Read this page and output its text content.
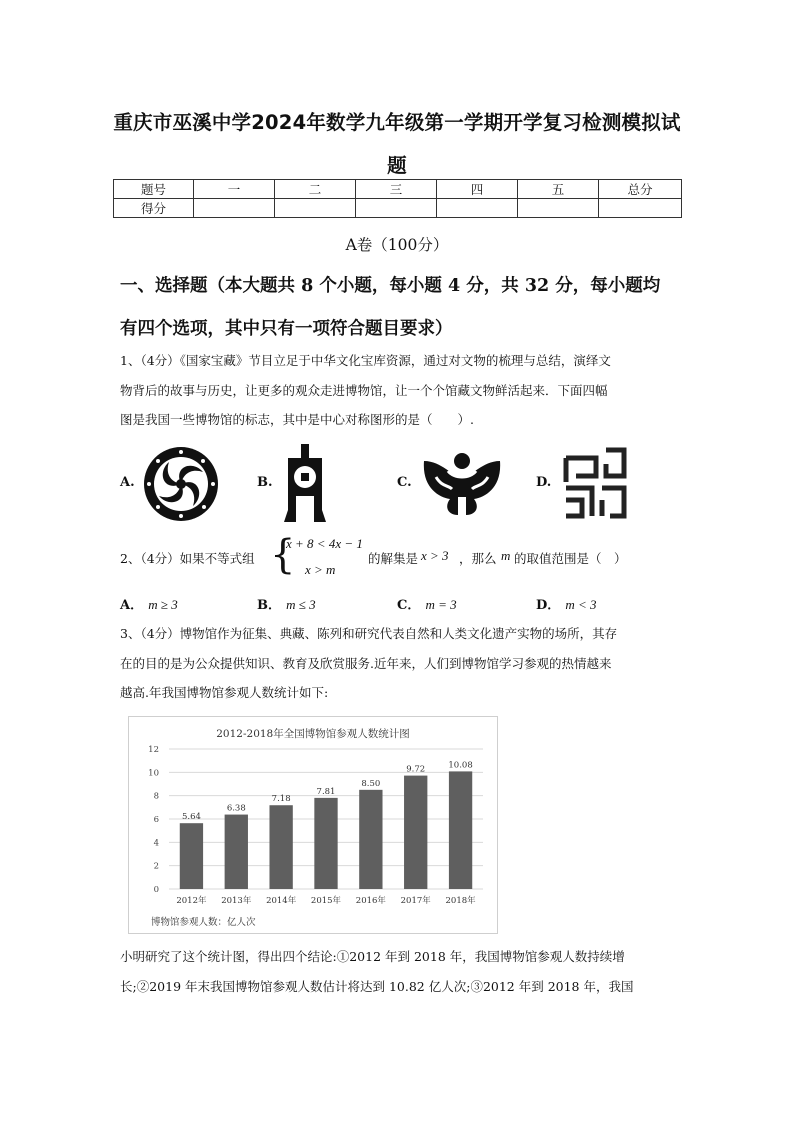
重庆市巫溪中学2024年数学九年级第一学期开学复习检测模拟试
题
题号	一	二	三	四	五	总分
得分						
A卷（100分）
一、选择题（本大题共 8 个小题，每小题 4 分，共 32 分，每小题均
有四个选项，其中只有一项符合题目要求）
1、（4分）《国家宝藏》节目立足于中华文化宝库资源，通过对文物的梳理与总结，演绎文
物背后的故事与历史，让更多的观众走进博物馆，让一个个馆藏文物鲜活起来．下面四幅
图是我国一些博物馆的标志，其中是中心对称图形的是（　　）.
A.	B.	C.	D.
2、（4分）如果不等式组 {
x + 8 < 4x − 1
x > m
的解集是 x > 3 ，那么 m 的取值范围是（　）
A． m ≥ 3	B． m ≤ 3	C． m = 3	D． m < 3
3、（4分）博物馆作为征集、典藏、陈列和研究代表自然和人类文化遗产实物的场所，其存
在的目的是为公众提供知识、教育及欣赏服务.近年来，人们到博物馆学习参观的热情越来
越高.年我国博物馆参观人数统计如下:
2012-2018年全国博物馆参观人数统计图
0
2
4
6
8
10
12
5.64
2012年
6.38
2013年
7.18
2014年
7.81
2015年
8.50
2016年
9.72
2017年
10.08
2018年
博物馆参观人数：亿人次
小明研究了这个统计图，得出四个结论:①2012 年到 2018 年，我国博物馆参观人数持续增
长;②2019 年末我国博物馆参观人数估计将达到 10.82 亿人次;③2012 年到 2018 年，我国
